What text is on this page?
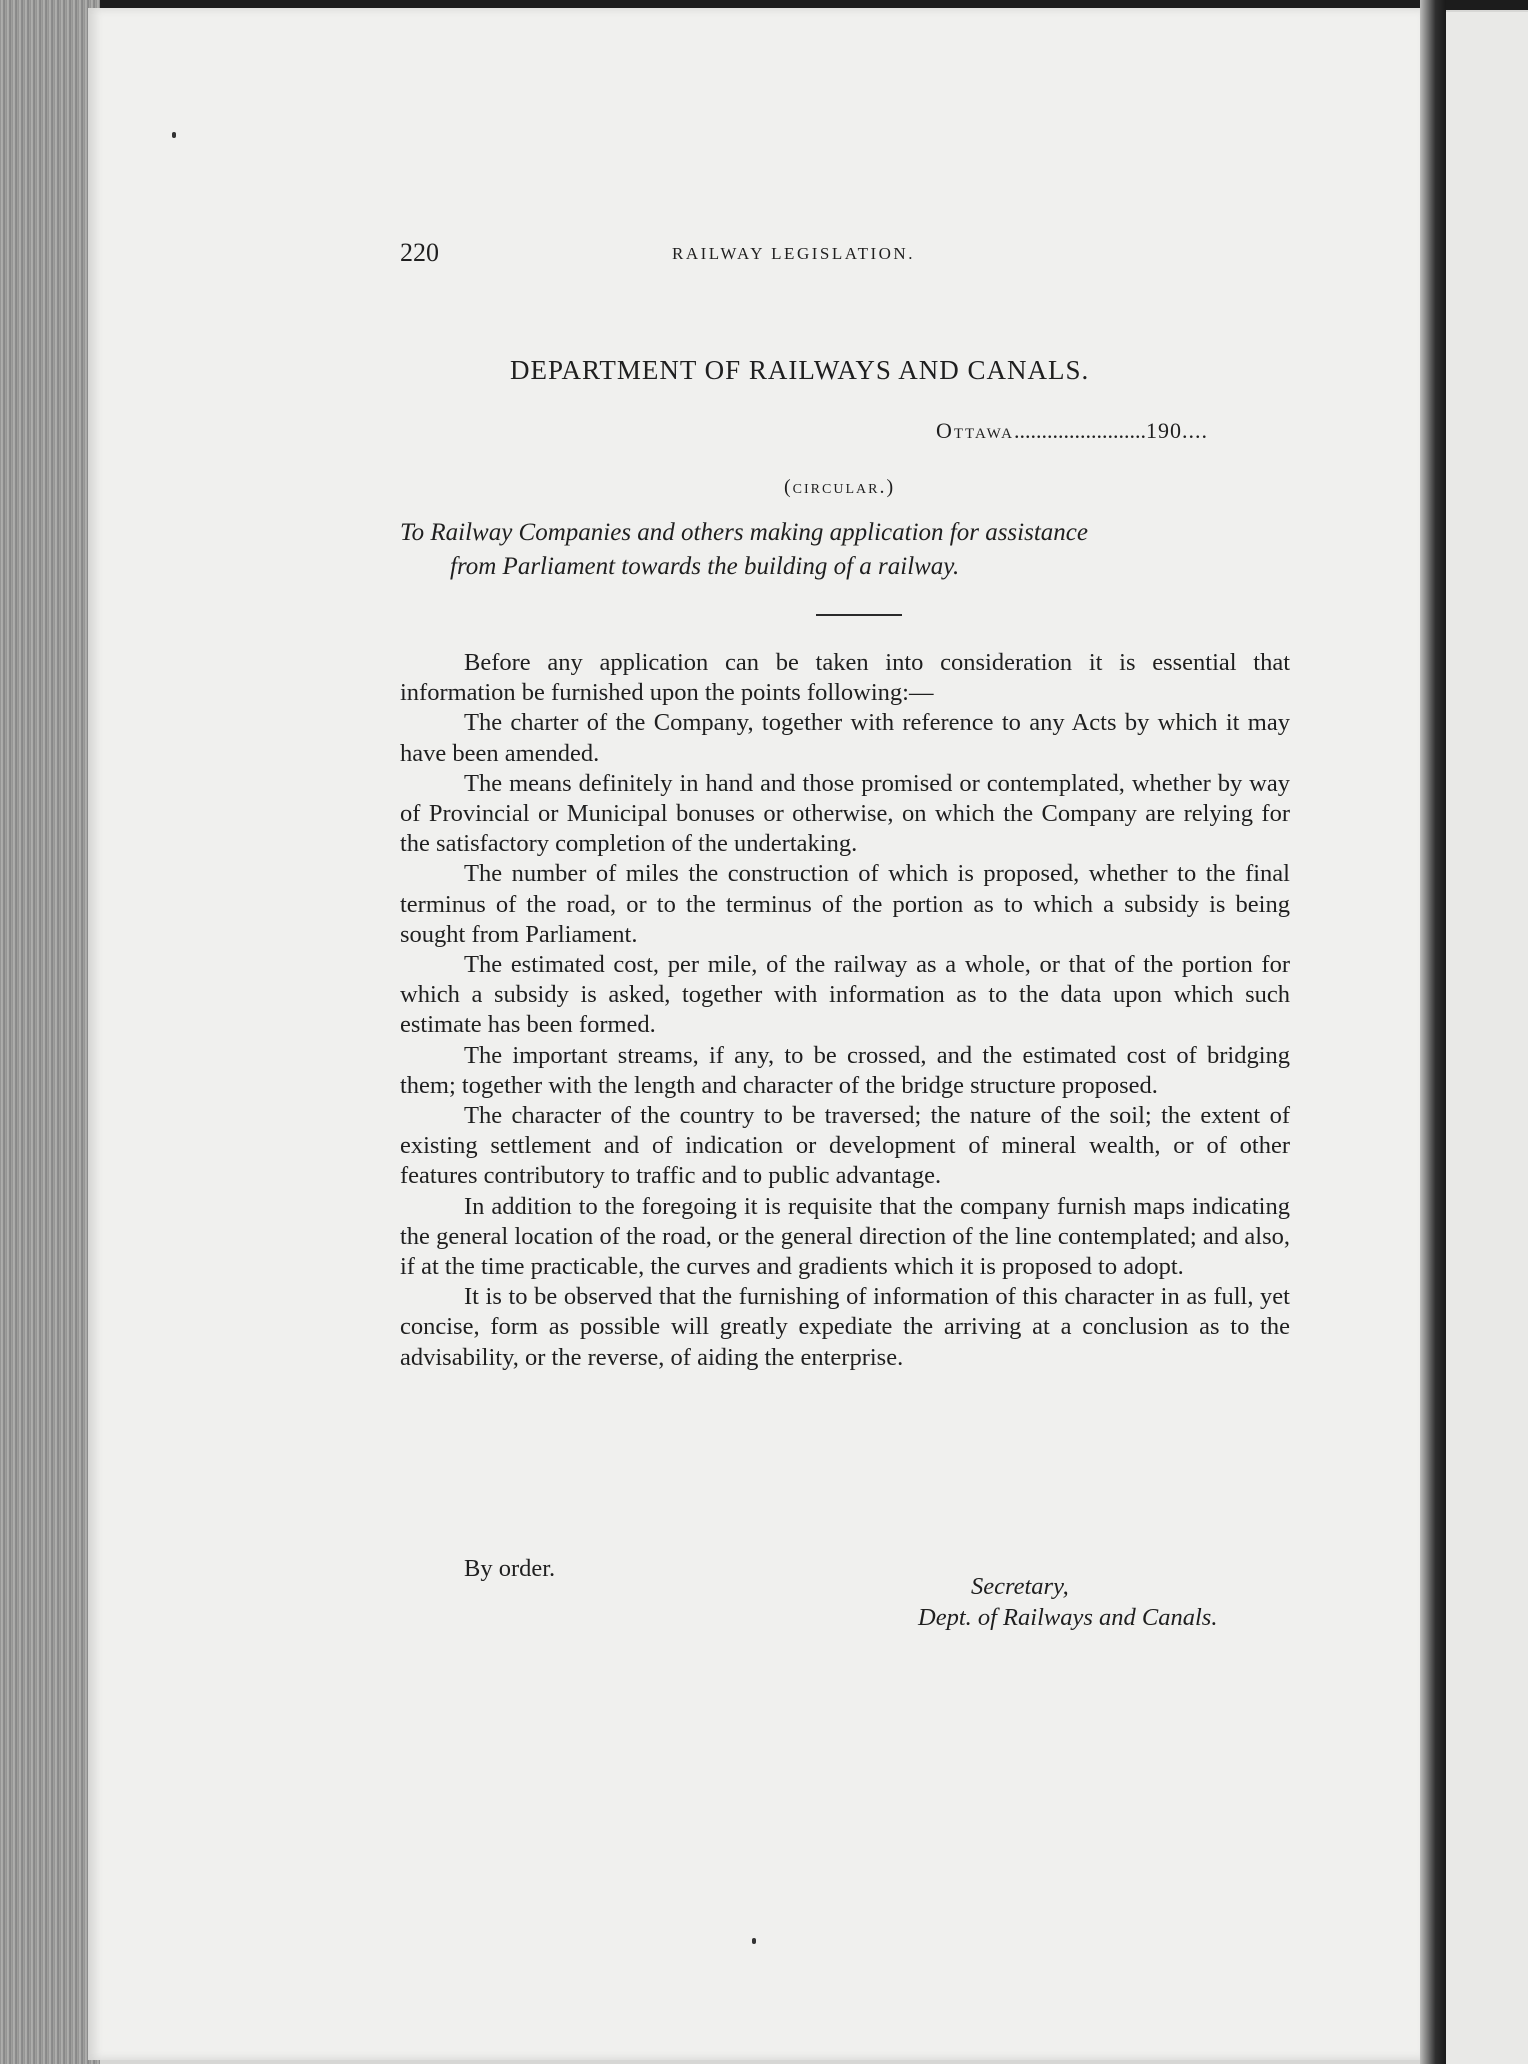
220	RAILWAY LEGISLATION.
DEPARTMENT OF RAILWAYS AND CANALS.
Ottawa........................190....
(circular.)
To Railway Companies and others making application for assistance
from Parliament towards the building of a railway.

Before any application can be taken into consideration it is essential that information be furnished upon the points following:—

The charter of the Company, together with reference to any Acts by which it may have been amended.

The means definitely in hand and those promised or contemplated, whether by way of Provincial or Municipal bonuses or otherwise, on which the Company are relying for the satisfactory completion of the undertaking.

The number of miles the construction of which is proposed, whether to the final terminus of the road, or to the terminus of the portion as to which a subsidy is being sought from Parliament.

The estimated cost, per mile, of the railway as a whole, or that of the portion for which a subsidy is asked, together with information as to the data upon which such estimate has been formed.

The important streams, if any, to be crossed, and the estimated cost of bridging them; together with the length and character of the bridge structure proposed.

The character of the country to be traversed; the nature of the soil; the extent of existing settlement and of indication or development of mineral wealth, or of other features contributory to traffic and to public advantage.

In addition to the foregoing it is requisite that the company furnish maps indicating the general location of the road, or the general direction of the line contemplated; and also, if at the time practicable, the curves and gradients which it is proposed to adopt.

It is to be observed that the furnishing of information of this character in as full, yet concise, form as possible will greatly expediate the arriving at a conclusion as to the advisability, or the reverse, of aiding the enterprise.

By order.
Secretary,
Dept. of Railways and Canals.
